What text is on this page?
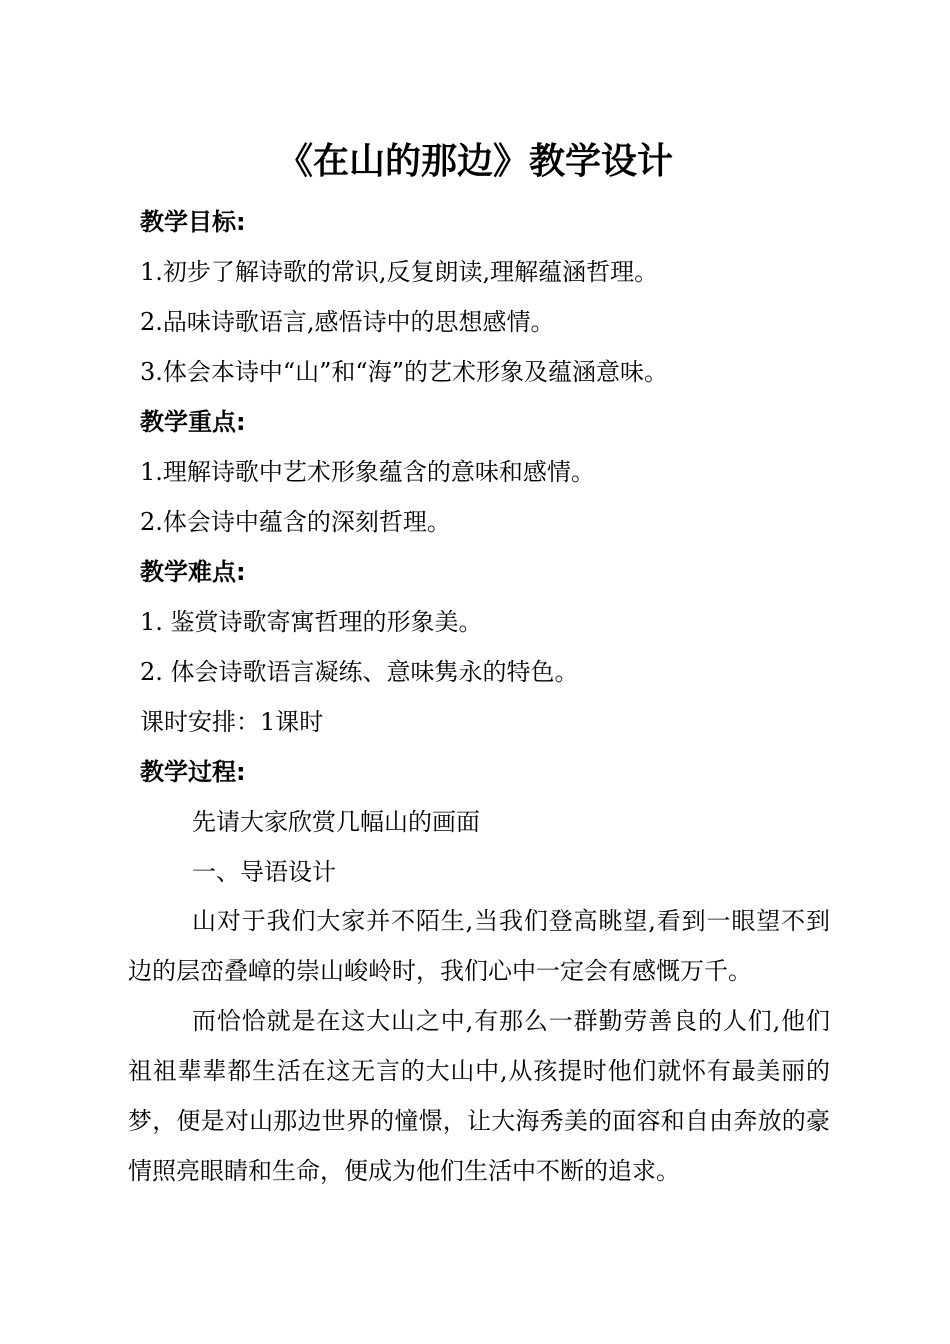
《在山的那边》教学设计
教学目标:
1.初步了解诗歌的常识,反复朗读,理解蕴涵哲理。
2.品味诗歌语言,感悟诗中的思想感情。
3.体会本诗中“山”和“海”的艺术形象及蕴涵意味。
教学重点:
1.理解诗歌中艺术形象蕴含的意味和感情。
2.体会诗中蕴含的深刻哲理。
教学难点:
1. 鉴赏诗歌寄寓哲理的形象美。
2. 体会诗歌语言凝练、意味隽永的特色。
课时安排：1课时
教学过程:
先请大家欣赏几幅山的画面
一、导语设计
山对于我们大家并不陌生,当我们登高眺望,看到一眼望不到边的层峦叠嶂的崇山峻岭时，我们心中一定会有感慨万千。
而恰恰就是在这大山之中,有那么一群勤劳善良的人们,他们祖祖辈辈都生活在这无言的大山中,从孩提时他们就怀有最美丽的梦，便是对山那边世界的憧憬，让大海秀美的面容和自由奔放的豪情照亮眼睛和生命，便成为他们生活中不断的追求。
